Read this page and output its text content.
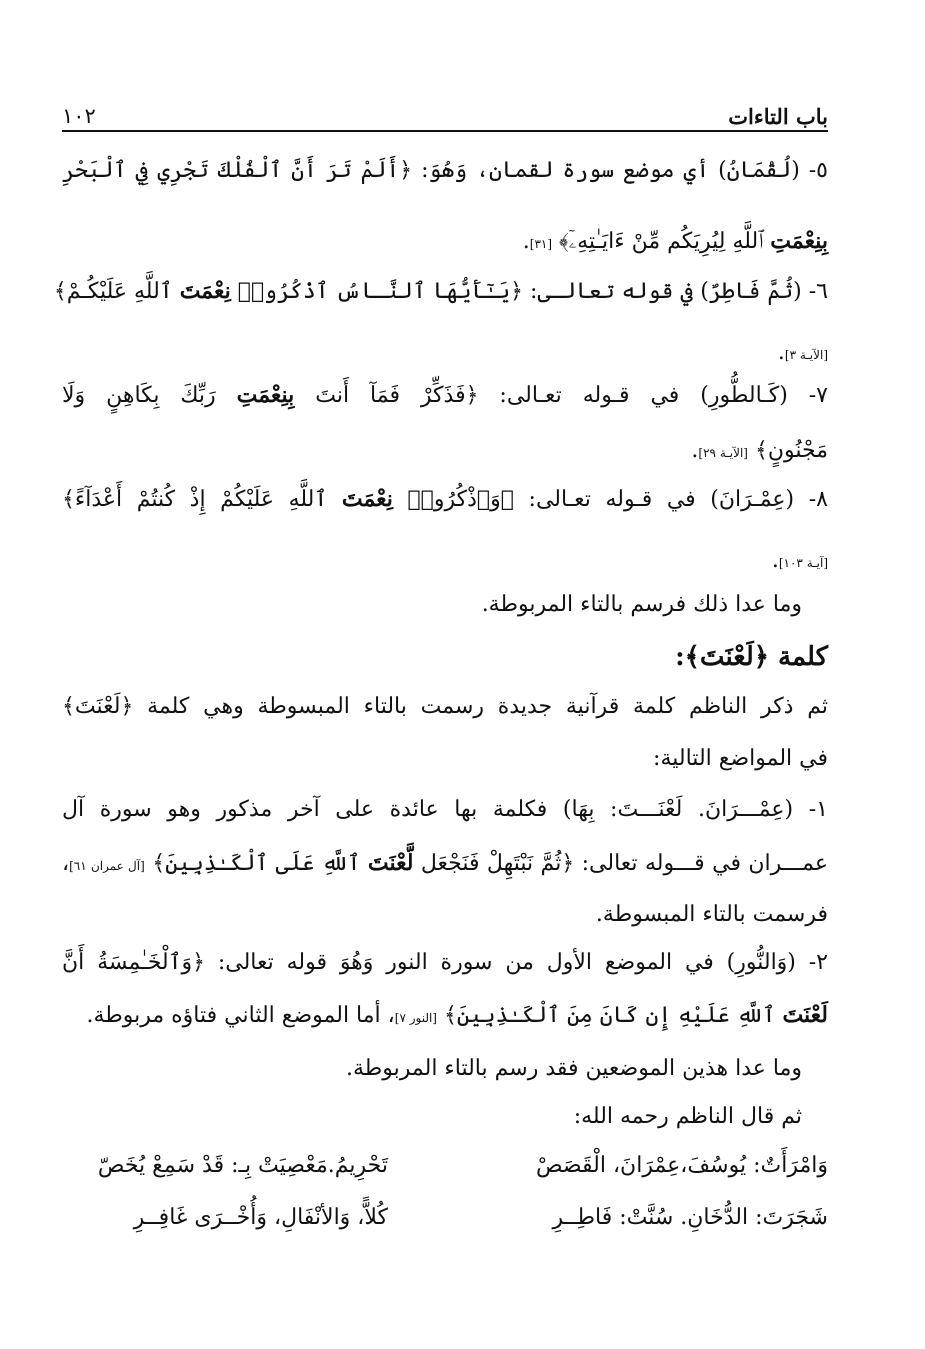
باب التاءات
١٠٢
٥- (لُقْمَانُ) أي موضع سورة لقمان، وَهُوَ: ﴿أَلَمْ تَرَ أَنَّ ٱلْفُلْكَ تَجْرِي فِي ٱلْبَحْرِ
بِنِعْمَتِ ٱللَّهِ لِيُرِيَكُم مِّنْ ءَايَـٰتِهِۦٓ﴾ [٣١].
٦- (ثُمَّ فَاطِرٌ) في قوله تعالـى: ﴿يَـٰٓأَيُّهَا ٱلنَّـاسُ ٱذْكُرُوا۟ نِعْمَتَ ٱللَّهِ عَلَيْكُـمْ﴾
[الآيـة ٣].
٧- (كَـالطُّورِ) في قـوله تعـالى: ﴿فَذَكِّرْ فَمَآ أَنتَ بِنِعْمَتِ رَبِّكَ بِكَاهِنٍ وَلَا
مَجْنُونٍ﴾ [الآيـة ٢٩].
٨- (عِمْـرَانَ) في قـوله تعـالى: ﴿وَٱذْكُرُوا۟ نِعْمَتَ ٱللَّهِ عَلَيْكُمْ إِذْ كُنتُمْ أَعْدَآءً﴾
[آيـة ١٠٣].
وما عدا ذلك فرسم بالتاء المربوطة.
كلمة ﴿لَعْنَتَ﴾:
ثم ذكر الناظم كلمة قرآنية جديدة رسمت بالتاء المبسوطة وهي كلمة ﴿لَعْنَتَ﴾
في المواضع التالية:
١- (عِمْـــرَانَ. لَعْنَـــتَ: بِهَا) فكلمة بها عائدة على آخر مذكور وهو سورة آل
عمـــران في قـــوله تعالى: ﴿ثُمَّ نَبْتَهِلْ فَنَجْعَل لَّعْنَتَ ٱللَّهِ عَلَى ٱلْكَـٰذِبِينَ﴾ [آل عمران ٦١]،
فرسمت بالتاء المبسوطة.
٢- (وَالنُّورِ) في الموضع الأول من سورة النور وَهُوَ قوله تعالى: ﴿وَٱلْخَـٰمِسَةُ أَنَّ
لَعْنَتَ ٱللَّهِ عَلَيْهِ إِن كَانَ مِنَ ٱلْكَـٰذِبِينَ﴾ [النور ٧]، أما الموضع الثاني فتاؤه مربوطة.
وما عدا هذين الموضعين فقد رسم بالتاء المربوطة.
ثم قال الناظم رحمه الله:
وَامْرَأَتٌ: يُوسُفَ،عِمْرَانَ، الْقَصَصْ
تَحْرِيمُ.مَعْصِيَتْ بِـ: قَدْ سَمِعْ يُخَصّ
شَجَرَتَ: الدُّخَانِ. سُنَّتْ: فَاطِــرِ
كُلاًّ، وَالأنْفَالِ، وَأُخْــرَى غَافِــرِ
